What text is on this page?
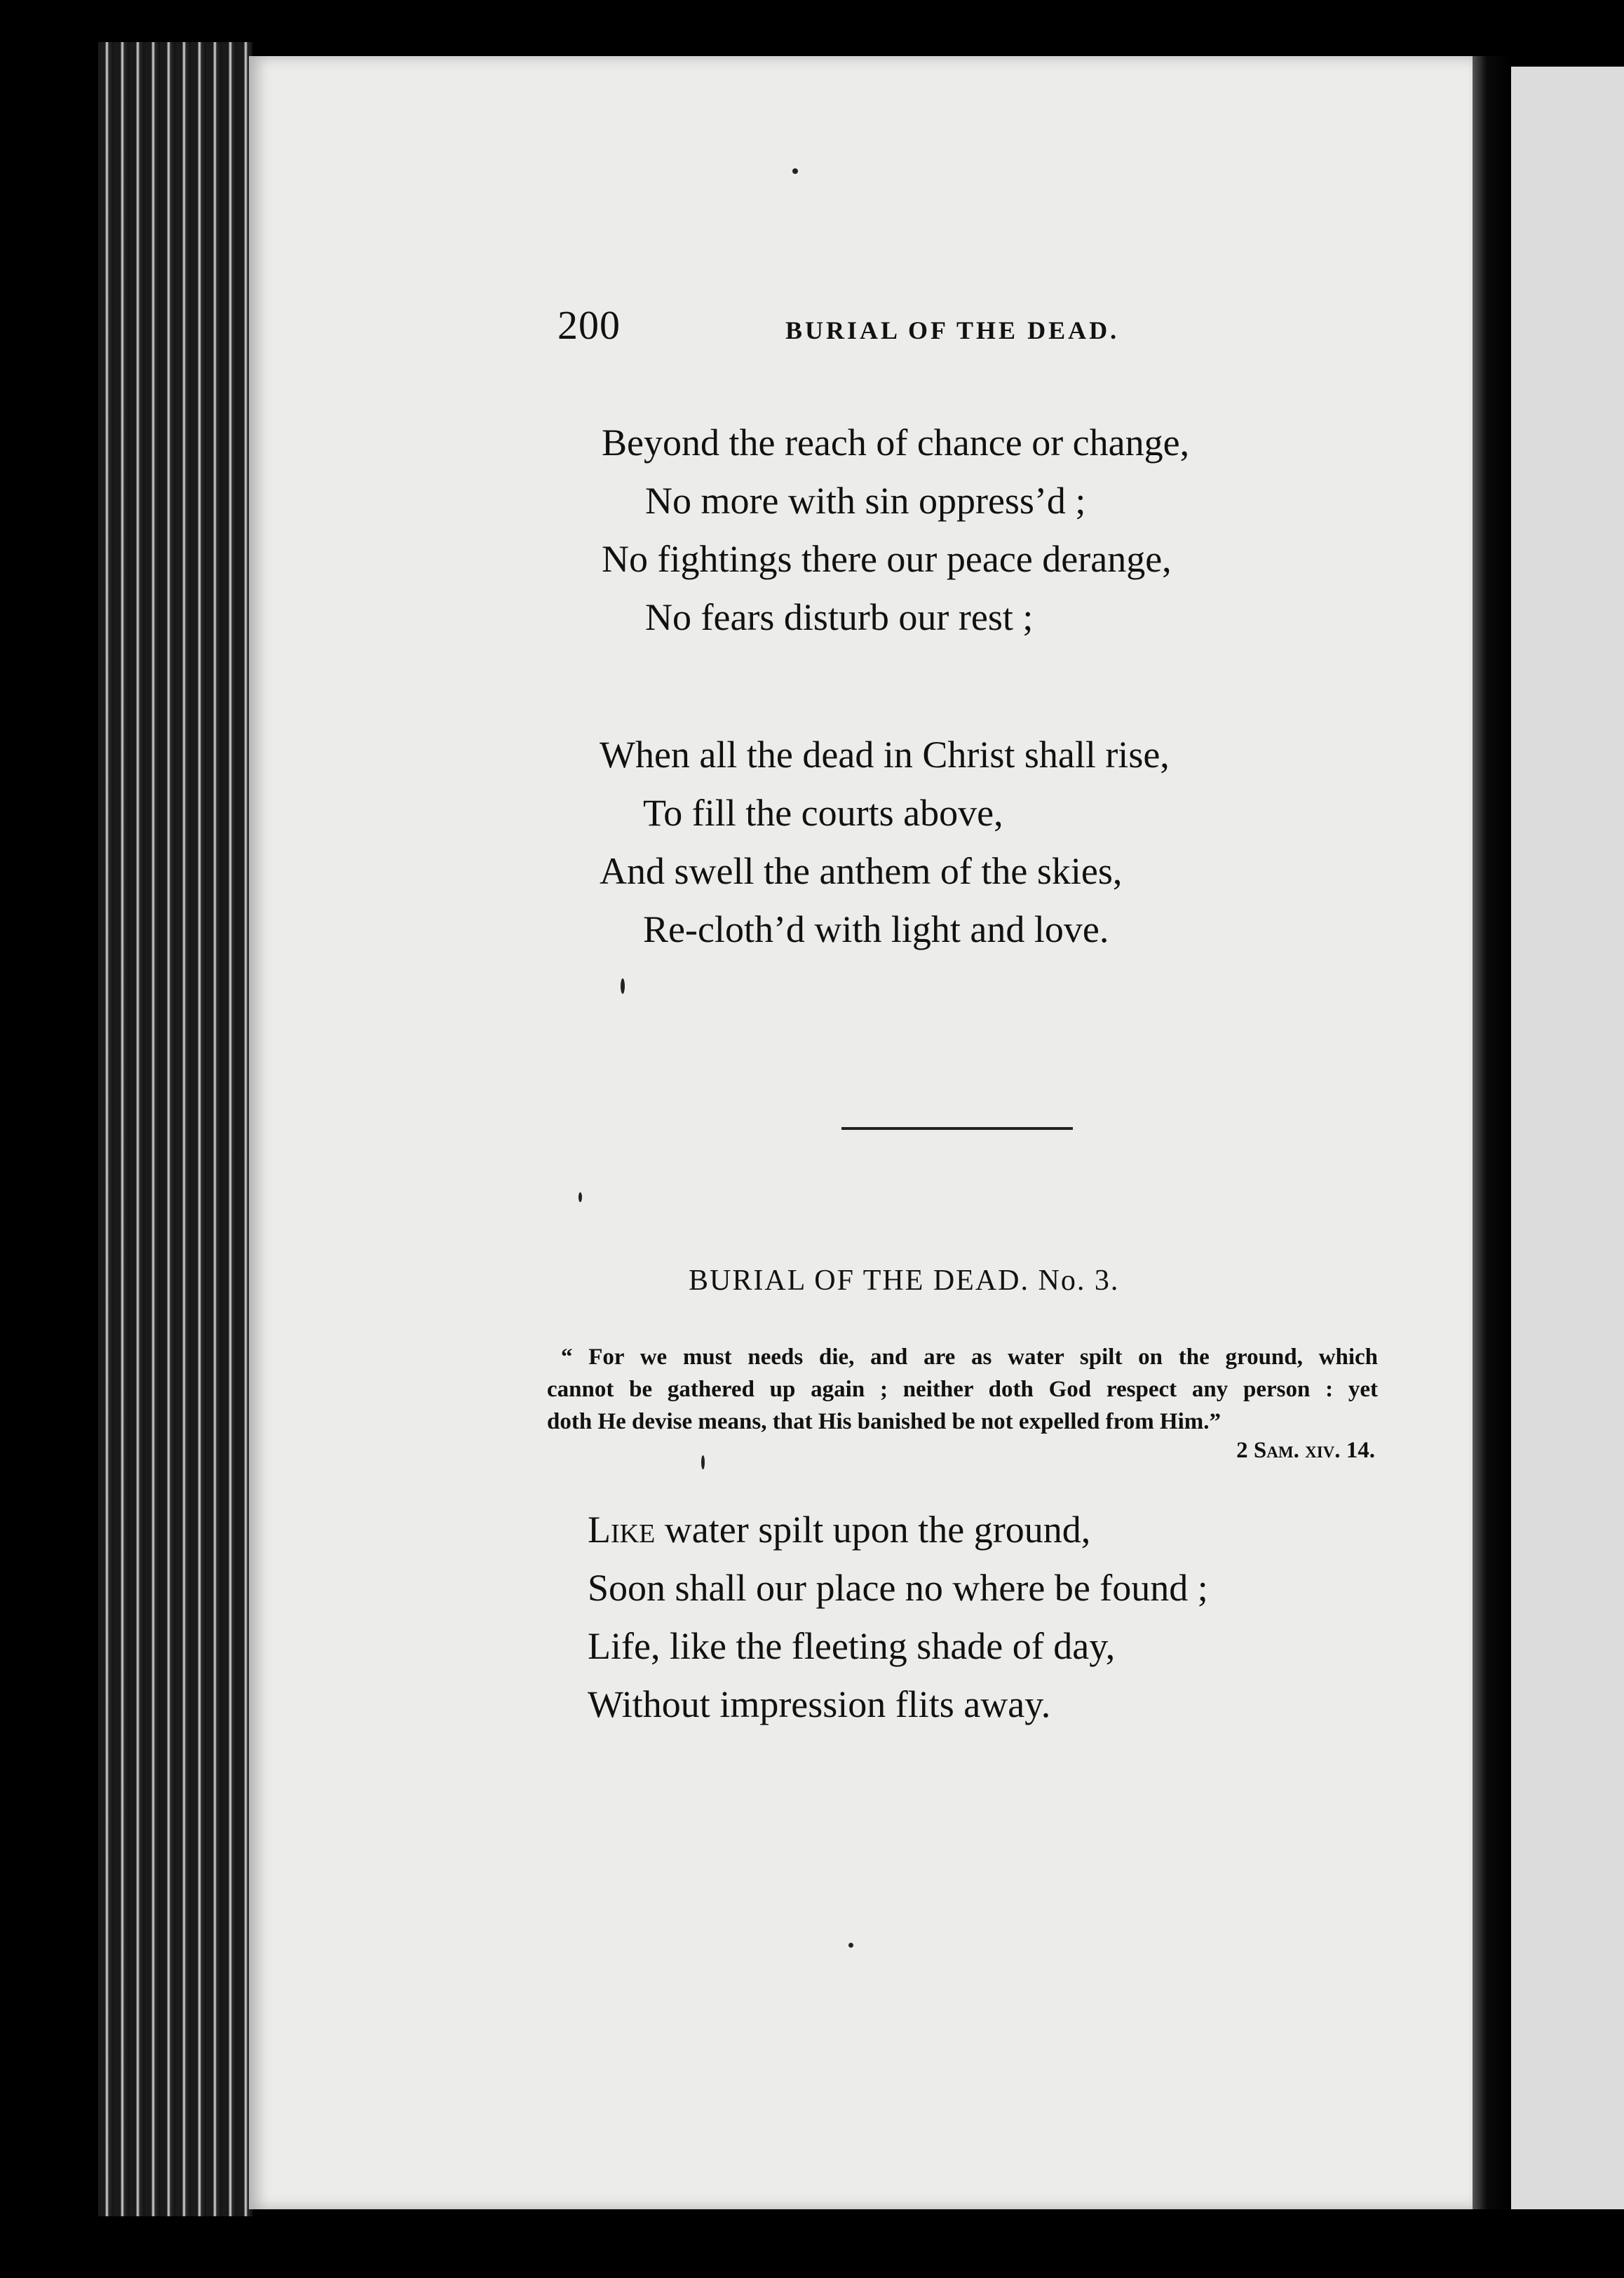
200	BURIAL OF THE DEAD.
Beyond the reach of chance or change,
No more with sin oppress’d ;
No fightings there our peace derange,
No fears disturb our rest ;
When all the dead in Christ shall rise,
To fill the courts above,
And swell the anthem of the skies,
Re-cloth’d with light and love.
BURIAL OF THE DEAD. No. 3.
“ For we must needs die, and are as water spilt on the ground, which
cannot be gathered up again ; neither doth God respect any person : yet
doth He devise means, that His banished be not expelled from Him.”
2 Sam. xiv. 14.
Like water spilt upon the ground,
Soon shall our place no where be found ;
Life, like the fleeting shade of day,
Without impression flits away.
